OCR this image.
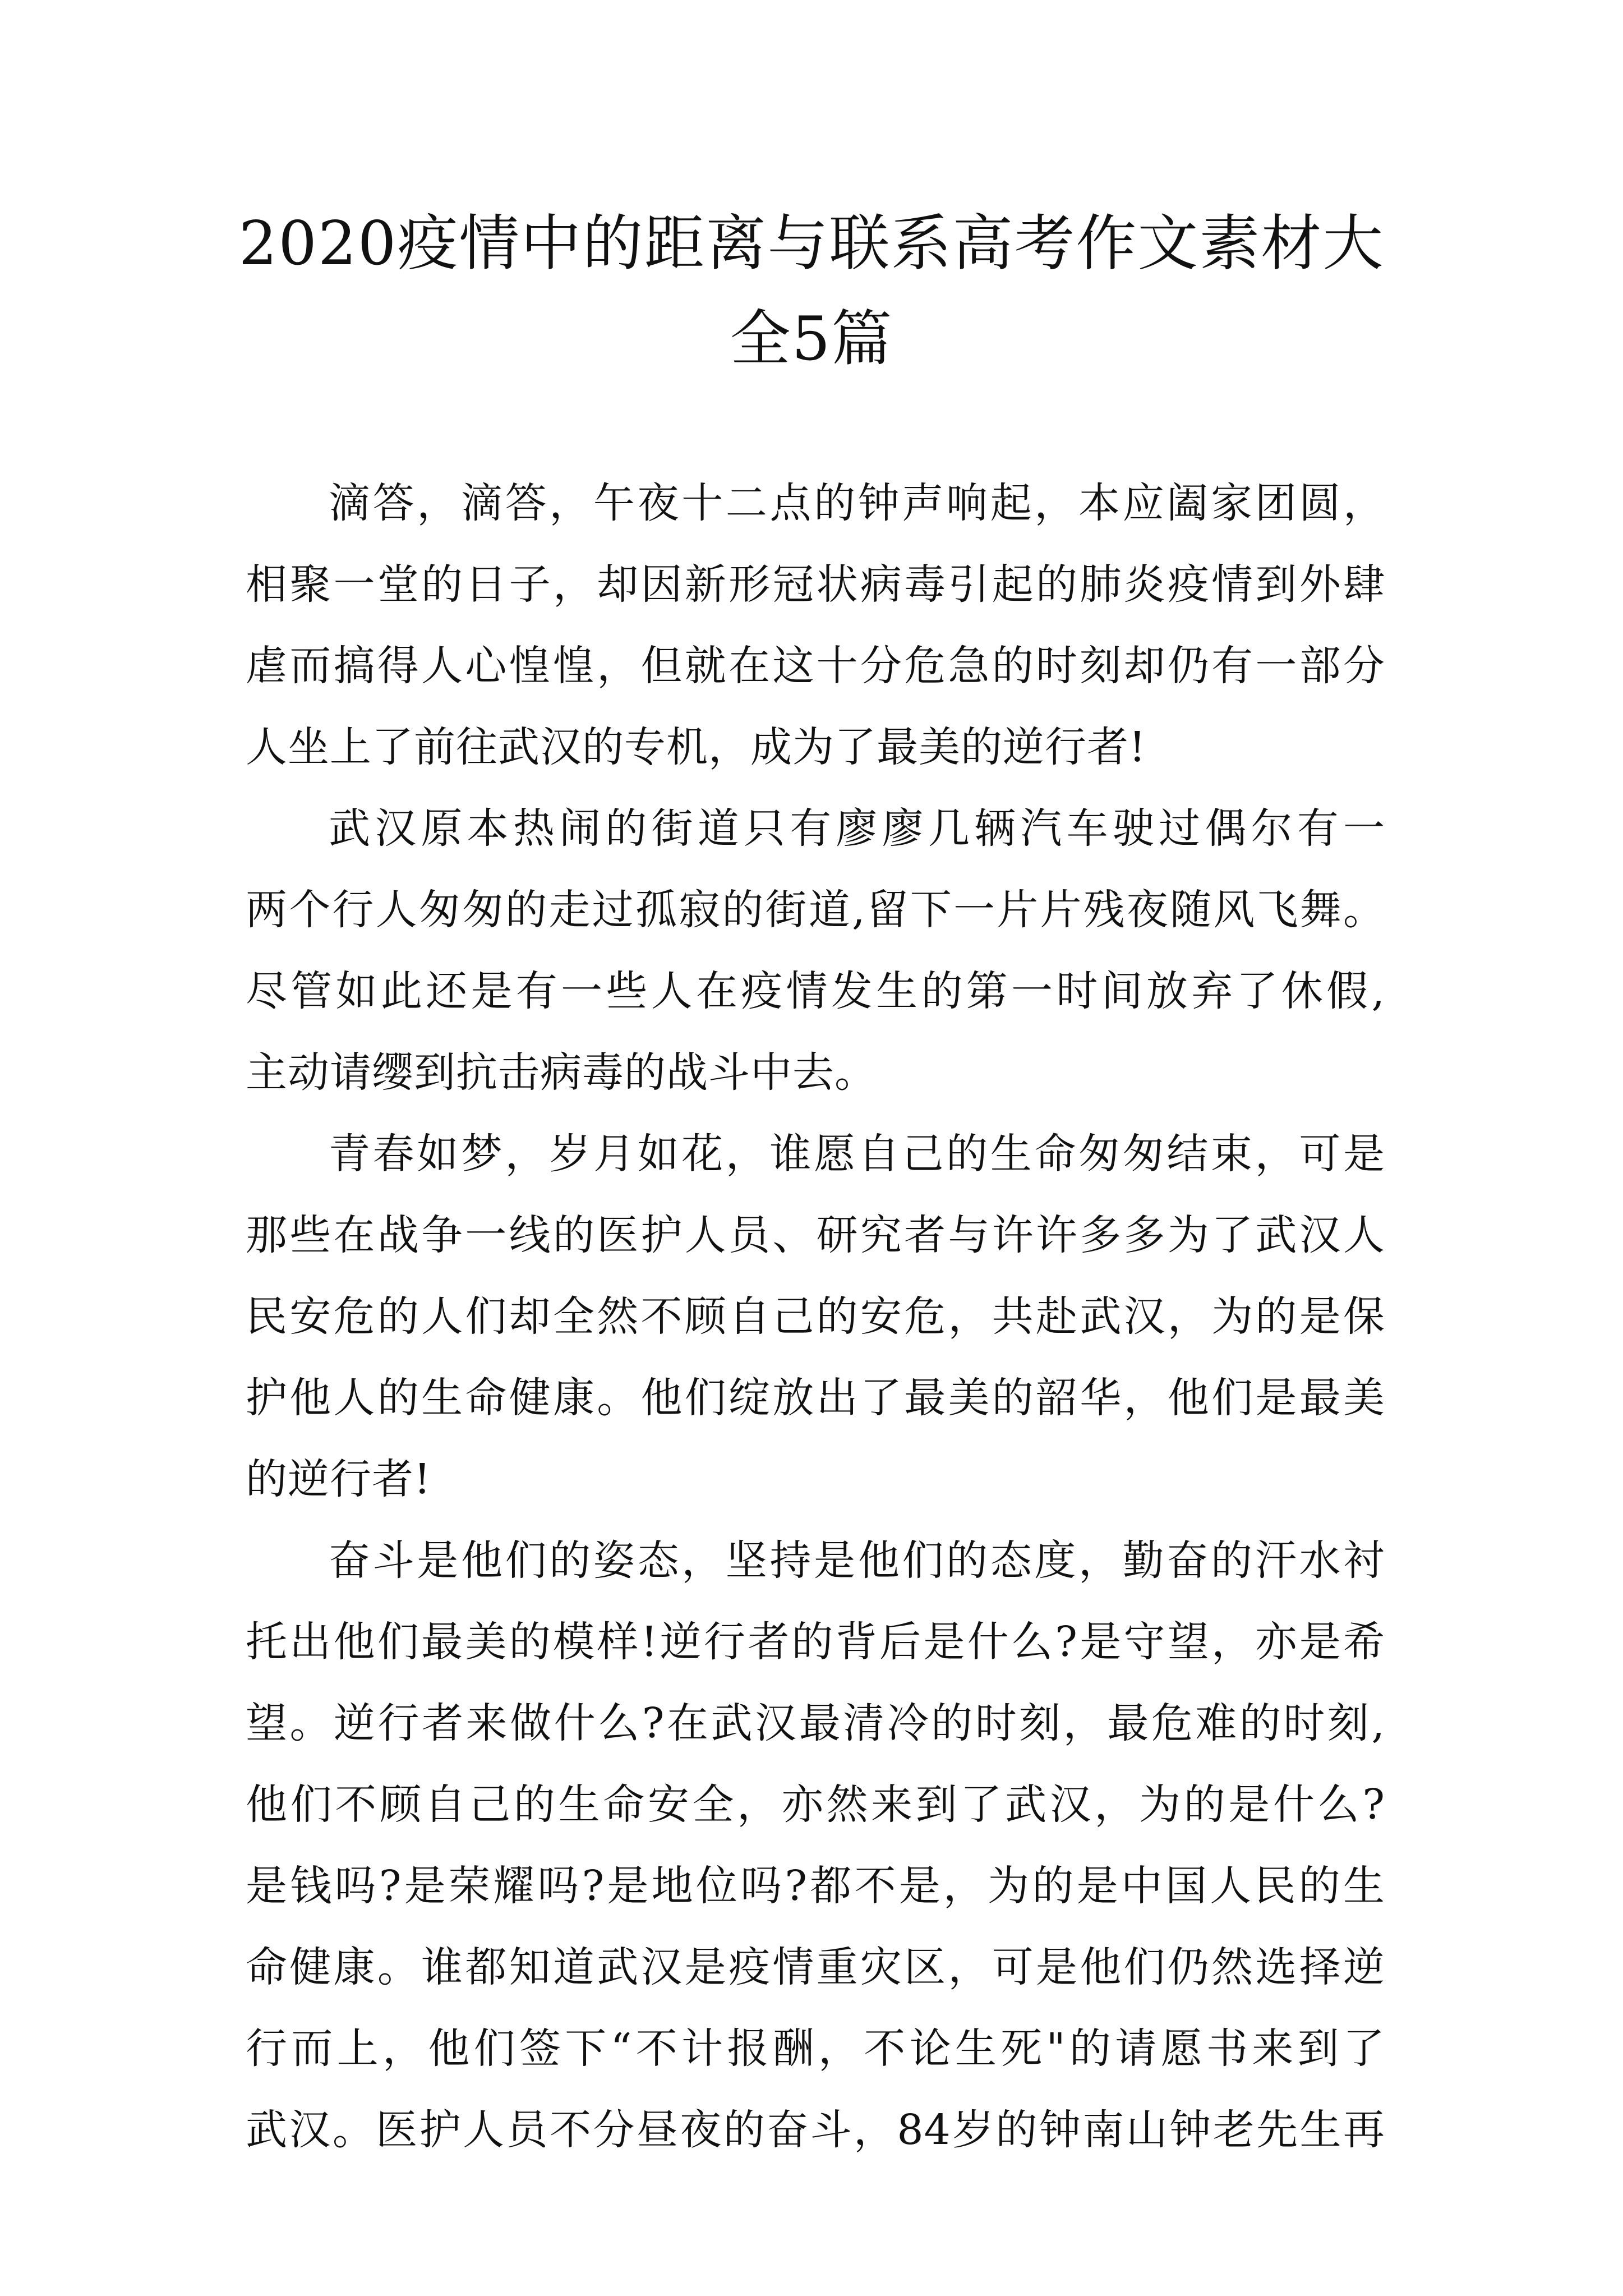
2020疫情中的距离与联系高考作文素材大
全5篇
滴答，滴答，午夜十二点的钟声响起，本应阖家团圆，
相聚一堂的日子，却因新形冠状病毒引起的肺炎疫情到外肆
虐而搞得人心惶惶，但就在这十分危急的时刻却仍有一部分
人坐上了前往武汉的专机，成为了最美的逆行者!
武汉原本热闹的街道只有廖廖几辆汽车驶过偶尔有一
两个行人匆匆的走过孤寂的街道,留下一片片残夜随风飞舞。
尽管如此还是有一些人在疫情发生的第一时间放弃了休假,
主动请缨到抗击病毒的战斗中去。
青春如梦，岁月如花，谁愿自己的生命匆匆结束，可是
那些在战争一线的医护人员、研究者与许许多多为了武汉人
民安危的人们却全然不顾自己的安危，共赴武汉，为的是保
护他人的生命健康。他们绽放出了最美的韶华，他们是最美
的逆行者!
奋斗是他们的姿态，坚持是他们的态度，勤奋的汗水衬
托出他们最美的模样!逆行者的背后是什么?是守望，亦是希
望。逆行者来做什么?在武汉最清冷的时刻，最危难的时刻,
他们不顾自己的生命安全，亦然来到了武汉，为的是什么?
是钱吗?是荣耀吗?是地位吗?都不是，为的是中国人民的生
命健康。谁都知道武汉是疫情重灾区，可是他们仍然选择逆
行而上，他们签下“不计报酬，不论生死"的请愿书来到了
武汉。医护人员不分昼夜的奋斗，84岁的钟南山钟老先生再
